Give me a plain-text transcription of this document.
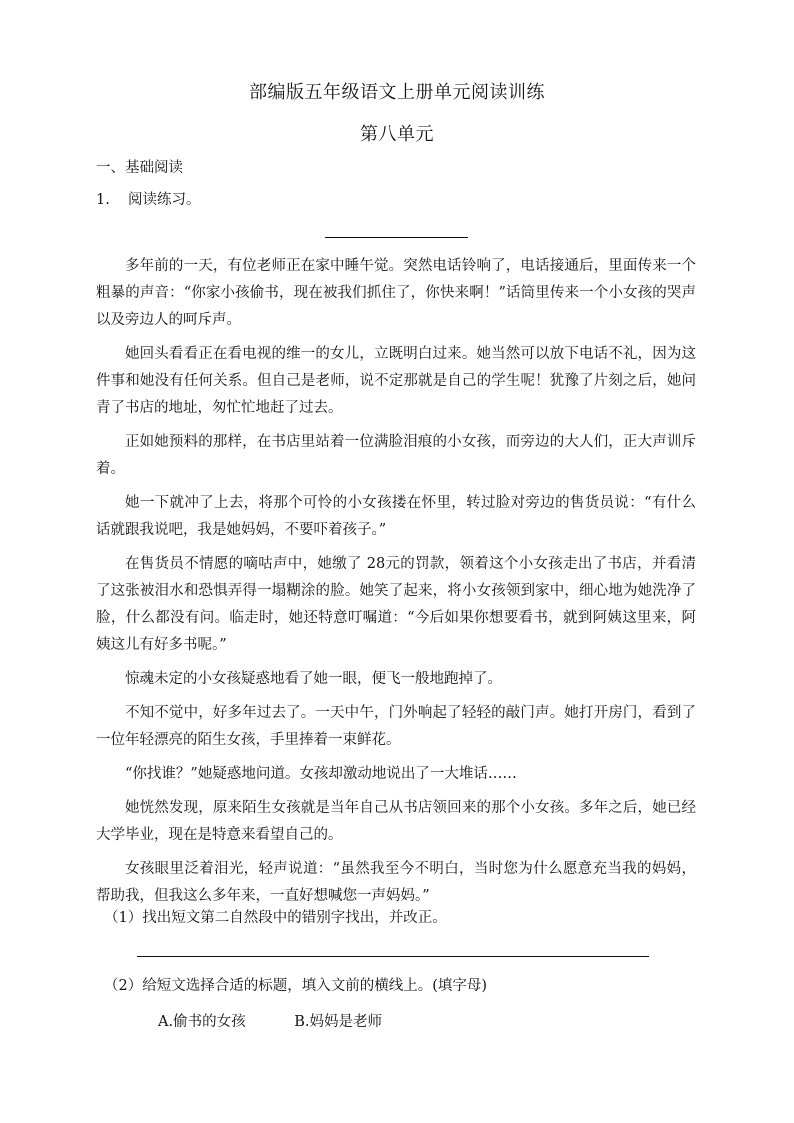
部编版五年级语文上册单元阅读训练
第八单元
一、基础阅读
1. 阅读练习。

多年前的一天，有位老师正在家中睡午觉。突然电话铃响了，电话接通后，里面传来一个粗暴的声音：“你家小孩偷书，现在被我们抓住了，你快来啊！”话筒里传来一个小女孩的哭声以及旁边人的呵斥声。

她回头看看正在看电视的维一的女儿，立既明白过来。她当然可以放下电话不礼，因为这件事和她没有任何关系。但自己是老师，说不定那就是自己的学生呢！犹豫了片刻之后，她问青了书店的地址，匆忙忙地赶了过去。

正如她预料的那样，在书店里站着一位满脸泪痕的小女孩，而旁边的大人们，正大声训斥着。

她一下就冲了上去，将那个可怜的小女孩搂在怀里，转过脸对旁边的售货员说：“有什么话就跟我说吧，我是她妈妈，不要吓着孩子。”

在售货员不情愿的嘀咕声中，她缴了 28元的罚款，领着这个小女孩走出了书店，并看清了这张被泪水和恐惧弄得一塌糊涂的脸。她笑了起来，将小女孩领到家中，细心地为她洗净了脸，什么都没有问。临走时，她还特意叮嘱道：“今后如果你想要看书，就到阿姨这里来，阿姨这儿有好多书呢。”

惊魂未定的小女孩疑惑地看了她一眼，便飞一般地跑掉了。

不知不觉中，好多年过去了。一天中午，门外响起了轻轻的敲门声。她打开房门，看到了一位年轻漂亮的陌生女孩，手里捧着一束鲜花。

“你找谁？”她疑惑地问道。女孩却激动地说出了一大堆话……

她恍然发现，原来陌生女孩就是当年自己从书店领回来的那个小女孩。多年之后，她已经大学毕业，现在是特意来看望自己的。

女孩眼里泛着泪光，轻声说道：“虽然我至今不明白，当时您为什么愿意充当我的妈妈，帮助我，但我这么多年来，一直好想喊您一声妈妈。”

（1）找出短文第二自然段中的错别字找出，并改正。
（2）给短文选择合适的标题，填入文前的横线上。(填字母)
A.偷书的女孩	B.妈妈是老师
